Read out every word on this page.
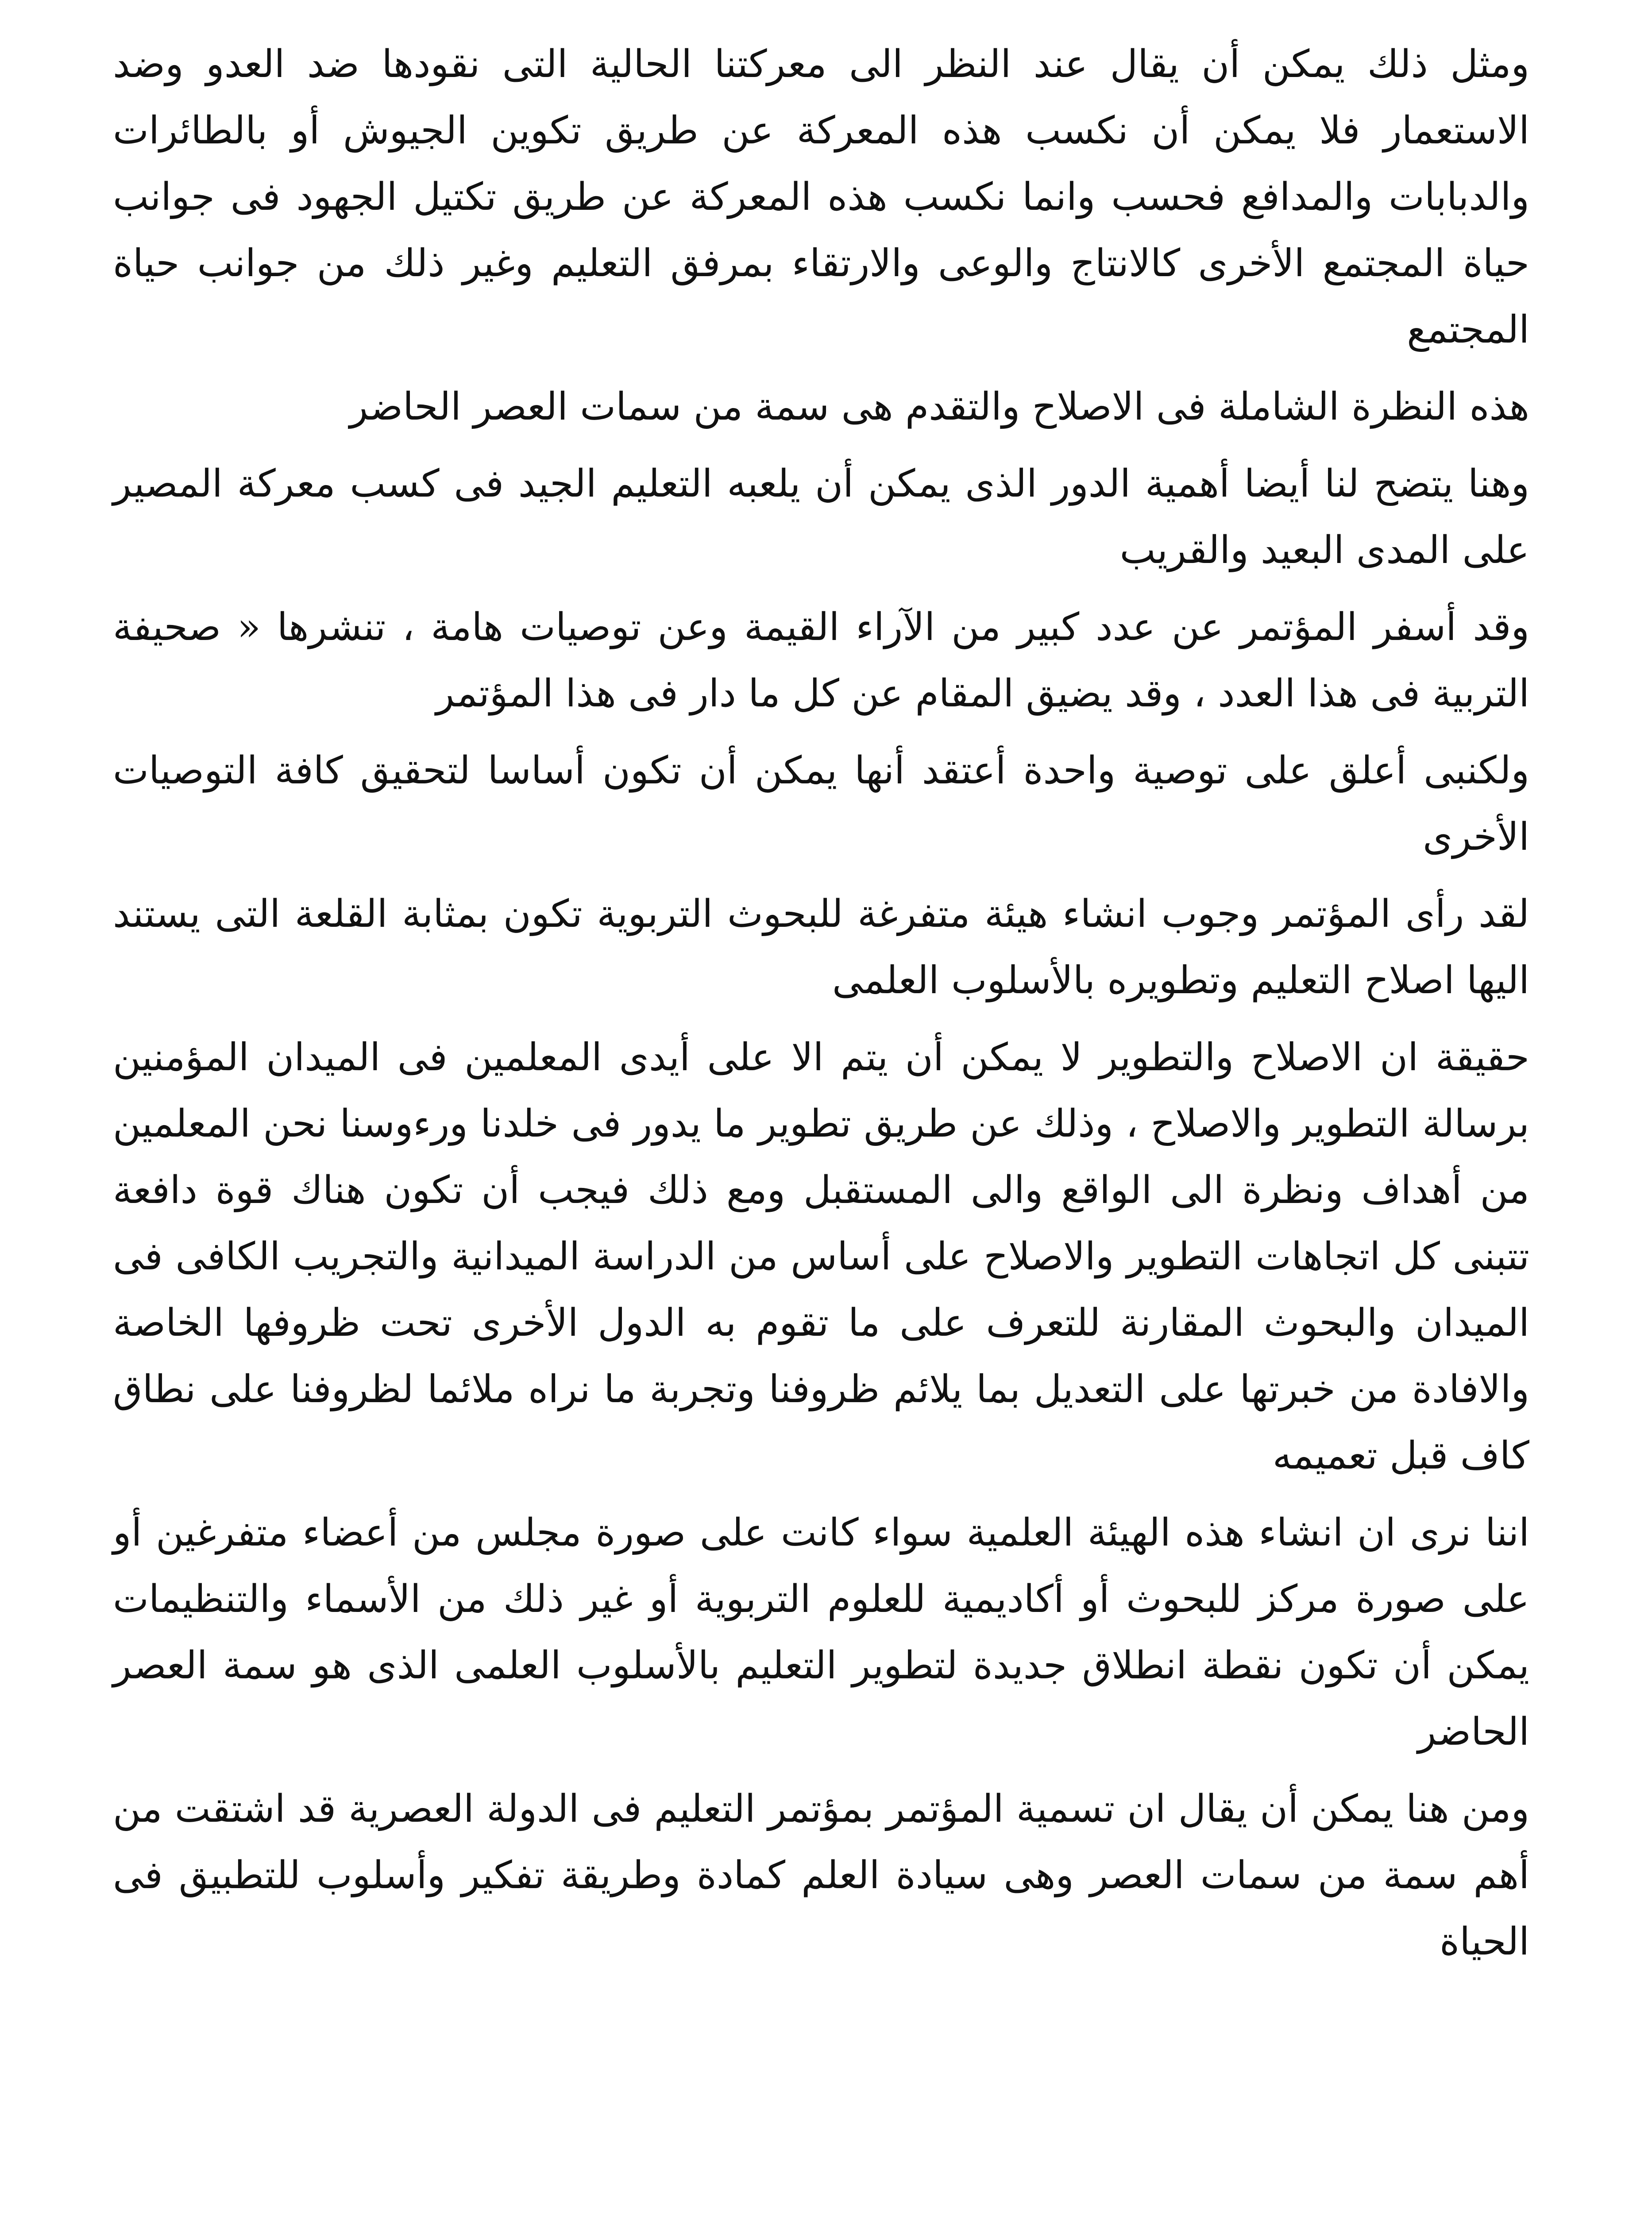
ومثل ذلك يمكن أن يقال عند النظر الى معركتنا الحالية التى نقودها ضد العدو وضد الاستعمار فلا يمكن أن نكسب هذه المعركة عن طريق تكوين الجيوش أو بالطائرات والدبابات والمدافع فحسب وانما نكسب هذه المعركة عن طريق تكتيل الجهود فى جوانب حياة المجتمع الأخرى كالانتاج والوعى والارتقاء بمرفق التعليم وغير ذلك من جوانب حياة المجتمع

هذه النظرة الشاملة فى الاصلاح والتقدم هى سمة من سمات العصر الحاضر

وهنا يتضح لنا أيضا أهمية الدور الذى يمكن أن يلعبه التعليم الجيد فى كسب معركة المصير على المدى البعيد والقريب

وقد أسفر المؤتمر عن عدد كبير من الآراء القيمة وعن توصيات هامة ، تنشرها « صحيفة التربية فى هذا العدد ، وقد يضيق المقام عن كل ما دار فى هذا المؤتمر

ولكنبى أعلق على توصية واحدة أعتقد أنها يمكن أن تكون أساسا لتحقيق كافة التوصيات الأخرى

لقد رأى المؤتمر وجوب انشاء هيئة متفرغة للبحوث التربوية تكون بمثابة القلعة التى يستند اليها اصلاح التعليم وتطويره بالأسلوب العلمى

حقيقة ان الاصلاح والتطوير لا يمكن أن يتم الا على أيدى المعلمين فى الميدان المؤمنين برسالة التطوير والاصلاح ، وذلك عن طريق تطوير ما يدور فى خلدنا ورءوسنا نحن المعلمين من أهداف ونظرة الى الواقع والى المستقبل ومع ذلك فيجب أن تكون هناك قوة دافعة تتبنى كل اتجاهات التطوير والاصلاح على أساس من الدراسة الميدانية والتجريب الكافى فى الميدان والبحوث المقارنة للتعرف على ما تقوم به الدول الأخرى تحت ظروفها الخاصة والافادة من خبرتها على التعديل بما يلائم ظروفنا وتجربة ما نراه ملائما لظروفنا على نطاق كاف قبل تعميمه

اننا نرى ان انشاء هذه الهيئة العلمية سواء كانت على صورة مجلس من أعضاء متفرغين أو على صورة مركز للبحوث أو أكاديمية للعلوم التربوية أو غير ذلك من الأسماء والتنظيمات يمكن أن تكون نقطة انطلاق جديدة لتطوير التعليم بالأسلوب العلمى الذى هو سمة العصر الحاضر

ومن هنا يمكن أن يقال ان تسمية المؤتمر بمؤتمر التعليم فى الدولة العصرية قد اشتقت من أهم سمة من سمات العصر وهى سيادة العلم كمادة وطريقة تفكير وأسلوب للتطبيق فى الحياة
